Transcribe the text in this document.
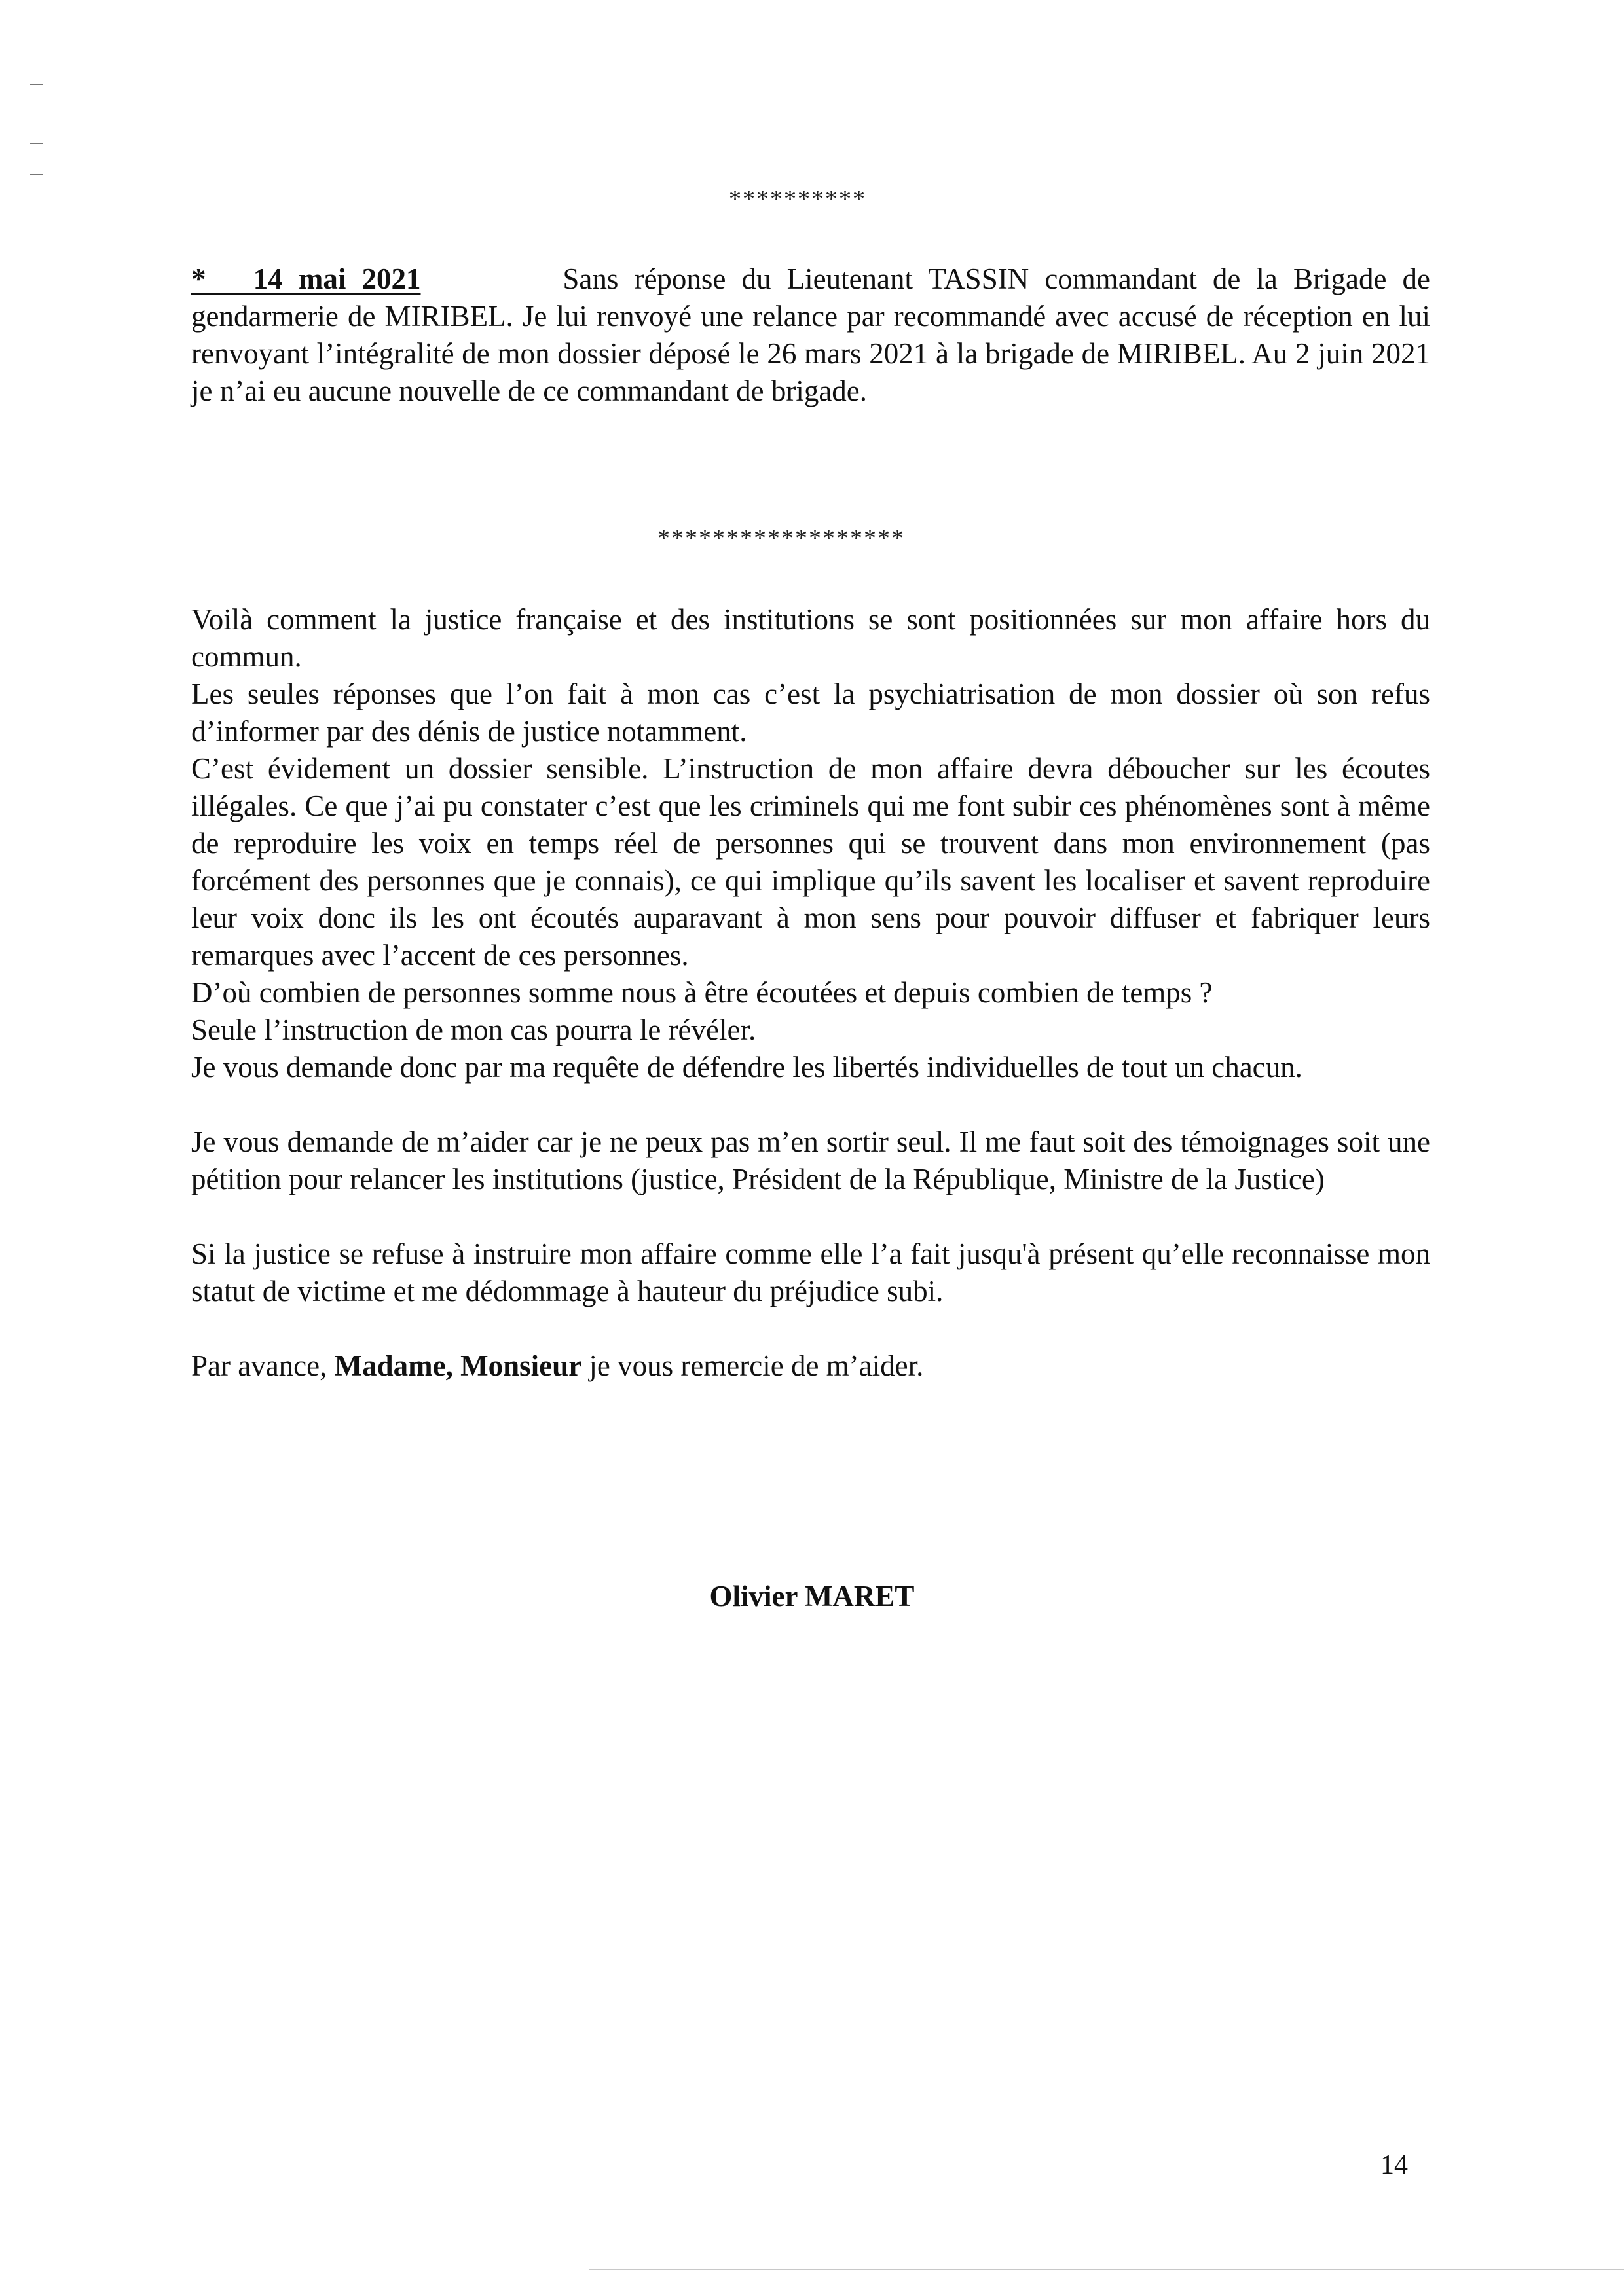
**********

* 14 mai 2021	Sans réponse du Lieutenant TASSIN commandant de la Brigade de

gendarmerie de MIRIBEL. Je lui renvoyé une relance par recommandé avec accusé de réception en lui renvoyant l’intégralité de mon dossier déposé le 26 mars 2021 à la brigade de MIRIBEL. Au 2 juin 2021 je n’ai eu aucune nouvelle de ce commandant de brigade.

******************

Voilà comment la justice française et des institutions se sont positionnées sur mon affaire hors du commun.

Les seules réponses que l’on fait à mon cas c’est la psychiatrisation de mon dossier où son refus d’informer par des dénis de justice notamment.

C’est évidement un dossier sensible. L’instruction de mon affaire devra déboucher sur les écoutes illégales. Ce que j’ai pu constater c’est que les criminels qui me font subir ces phénomènes sont à même de reproduire les voix en temps réel de personnes qui se trouvent dans mon environnement (pas forcément des personnes que je connais), ce qui implique qu’ils savent les localiser et savent reproduire leur voix donc ils les ont écoutés auparavant à mon sens pour pouvoir diffuser et fabriquer leurs remarques avec l’accent de ces personnes.

D’où combien de personnes somme nous à être écoutées et depuis combien de temps ?

Seule l’instruction de mon cas pourra le révéler.

Je vous demande donc par ma requête de défendre les libertés individuelles de tout un chacun.

Je vous demande de m’aider car je ne peux pas m’en sortir seul. Il me faut soit des témoignages soit une pétition pour relancer les institutions (justice, Président de la République, Ministre de la Justice)

Si la justice se refuse à instruire mon affaire comme elle l’a fait jusqu'à présent qu’elle reconnaisse mon statut de victime et me dédommage à hauteur du préjudice subi.

Par avance, Madame, Monsieur je vous remercie de m’aider.

Olivier MARET
14
